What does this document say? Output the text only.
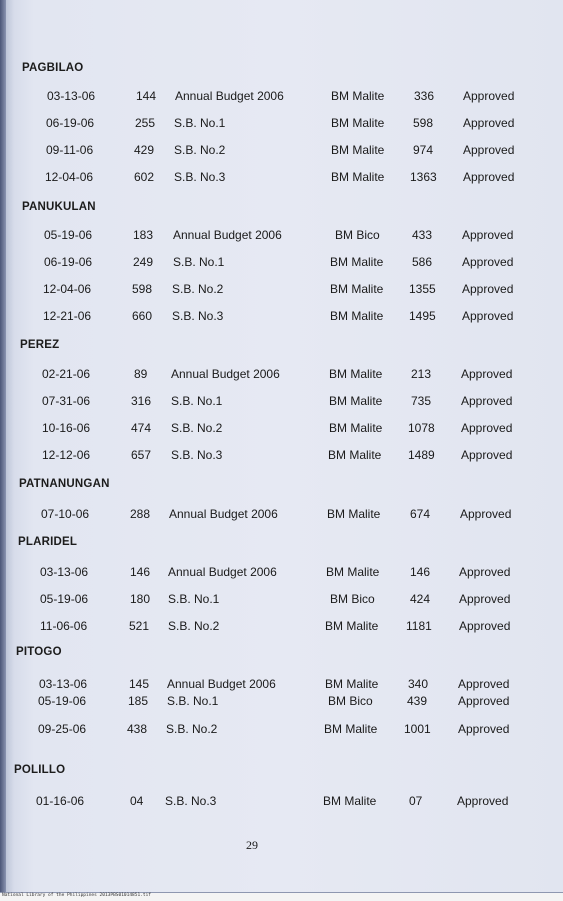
PAGBILAO
03-13-06	144 Annual Budget 2006	BM Malite 336 Approved
06-19-06	255 S.B. No.1	BM Malite 598 Approved
09-11-06	429 S.B. No.2	BM Malite 974 Approved
12-04-06	602 S.B. No.3	BM Malite 1363 Approved
PANUKULAN
05-19-06	183 Annual Budget 2006	BM Bico	433 Approved
06-19-06	249 S.B. No.1	BM Malite 586 Approved
12-04-06	598 S.B. No.2	BM Malite 1355 Approved
12-21-06	660 S.B. No.3	BM Malite 1495 Approved
PEREZ
02-21-06	89 Annual Budget 2006	BM Malite 213 Approved
07-31-06	316 S.B. No.1	BM Malite 735 Approved
10-16-06	474 S.B. No.2	BM Malite 1078 Approved
12-12-06	657 S.B. No.3	BM Malite 1489 Approved
PATNANUNGAN
07-10-06	288 Annual Budget 2006	BM Malite 674 Approved
PLARIDEL
03-13-06	146 Annual Budget 2006	BM Malite	146 Approved
05-19-06	180 S.B. No.1	BM Bico	424 Approved
11-06-06	521 S.B. No.2	BM Malite 1181 Approved
PITOGO
03-13-06	145 Annual Budget 2006	BM Malite 340 Approved
05-19-06	185 S.B. No.1	BM Bico	439	Approved
09-25-06	438 S.B. No.2	BM Malite 1001 Approved
POLILLO
01-16-06	04 S.B. No.3	BM Malite	07	Approved
29
National Library of the Philippines 2013PBS01014851.tif
